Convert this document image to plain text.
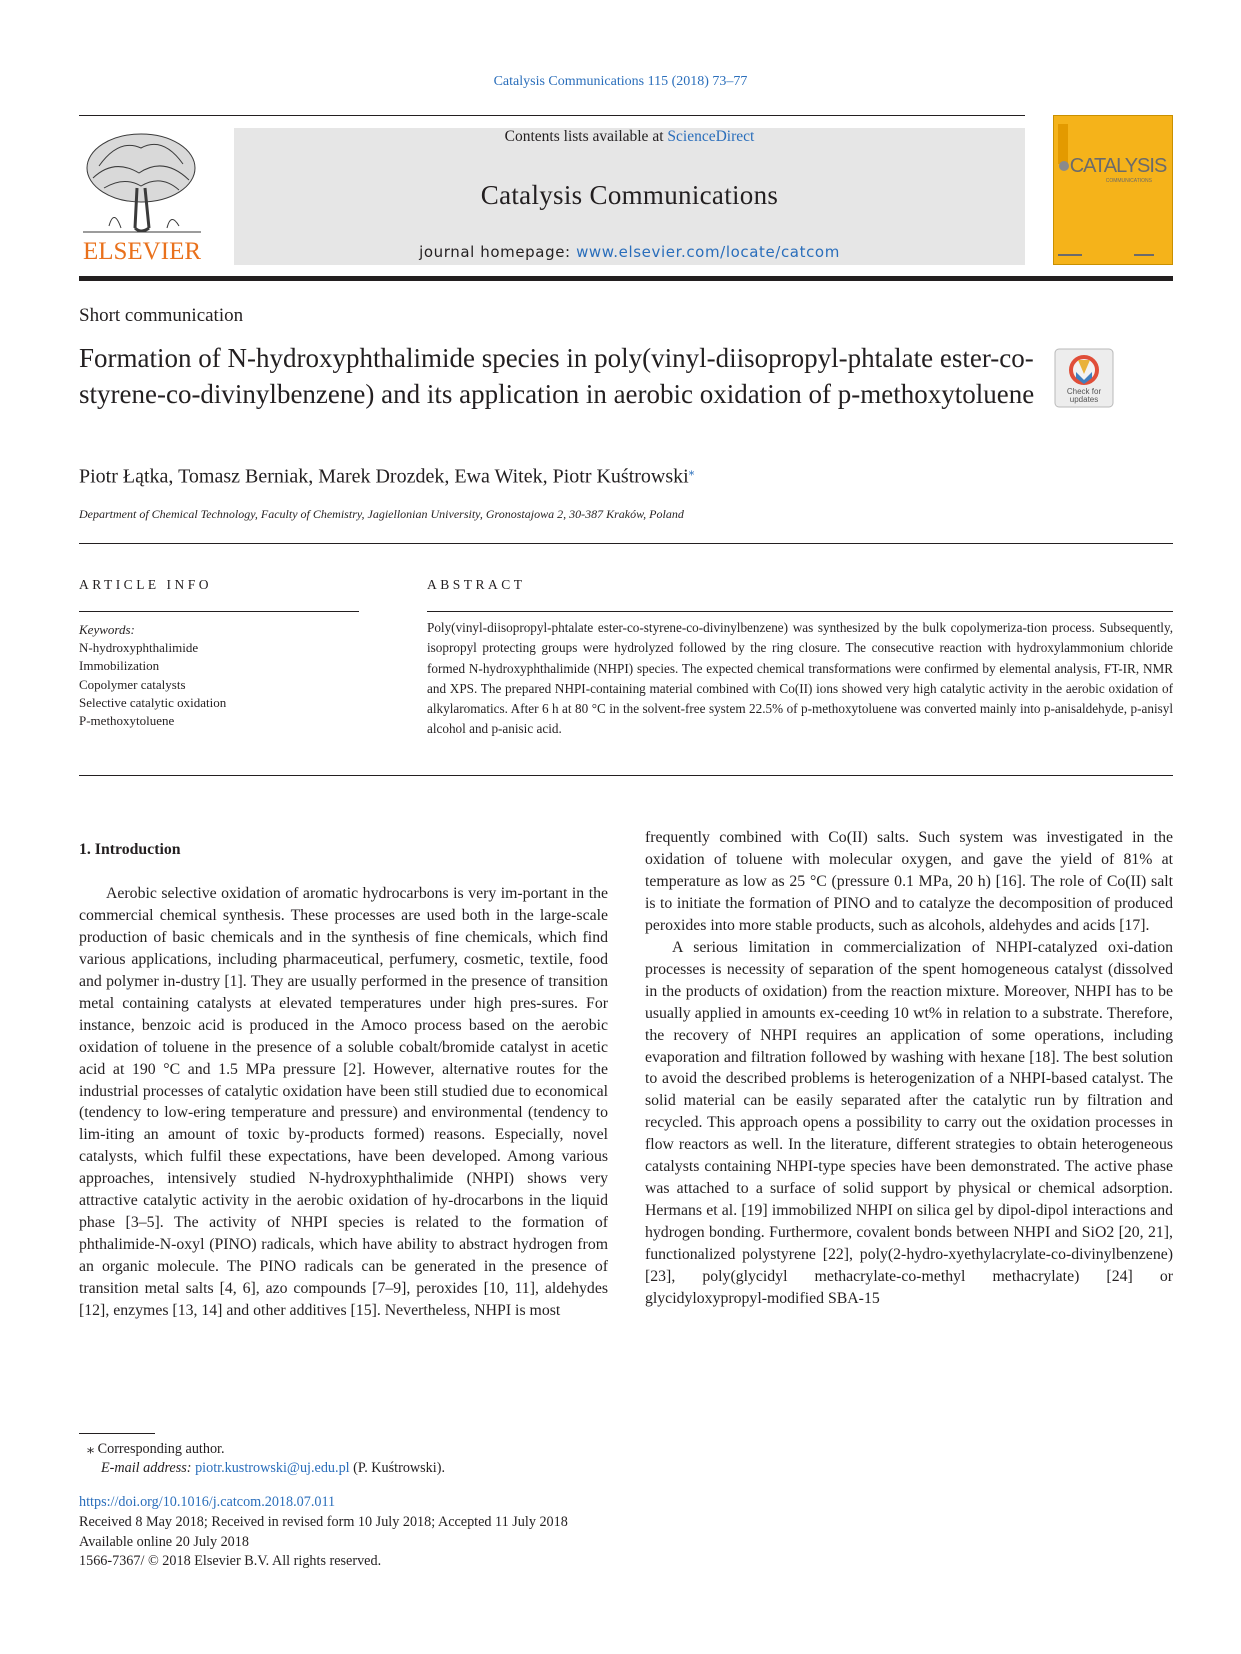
Catalysis Communications 115 (2018) 73–77
ELSEVIER
Contents lists available at ScienceDirect
Catalysis Communications
journal homepage: www.elsevier.com/locate/catcom
CATALYSIS
COMMUNICATIONS
Short communication
Formation of N-hydroxyphthalimide species in poly(vinyl-diisopropyl-phtalate ester-co-styrene-co-divinylbenzene) and its application in aerobic oxidation of p-methoxytoluene	Check for updates
Piotr Łątka, Tomasz Berniak, Marek Drozdek, Ewa Witek, Piotr Kuśtrowski⁎
Department of Chemical Technology, Faculty of Chemistry, Jagiellonian University, Gronostajowa 2, 30-387 Kraków, Poland
ARTICLE INFO	ABSTRACT
Keywords:
N-hydroxyphthalimide
Immobilization
Copolymer catalysts
Selective catalytic oxidation
P-methoxytoluene
Poly(vinyl-diisopropyl-phtalate ester-co-styrene-co-divinylbenzene) was synthesized by the bulk copolymeriza-tion process. Subsequently, isopropyl protecting groups were hydrolyzed followed by the ring closure. The consecutive reaction with hydroxylammonium chloride formed N-hydroxyphthalimide (NHPI) species. The expected chemical transformations were confirmed by elemental analysis, FT-IR, NMR and XPS. The prepared NHPI-containing material combined with Co(II) ions showed very high catalytic activity in the aerobic oxidation of alkylaromatics. After 6 h at 80 °C in the solvent-free system 22.5% of p-methoxytoluene was converted mainly into p-anisaldehyde, p-anisyl alcohol and p-anisic acid.

1. Introduction

Aerobic selective oxidation of aromatic hydrocarbons is very im-portant in the commercial chemical synthesis. These processes are used both in the large-scale production of basic chemicals and in the synthesis of fine chemicals, which find various applications, including pharmaceutical, perfumery, cosmetic, textile, food and polymer in-dustry [1]. They are usually performed in the presence of transition metal containing catalysts at elevated temperatures under high pres-sures. For instance, benzoic acid is produced in the Amoco process based on the aerobic oxidation of toluene in the presence of a soluble cobalt/bromide catalyst in acetic acid at 190 °C and 1.5 MPa pressure [2]. However, alternative routes for the industrial processes of catalytic oxidation have been still studied due to economical (tendency to low-ering temperature and pressure) and environmental (tendency to lim-iting an amount of toxic by-products formed) reasons. Especially, novel catalysts, which fulfil these expectations, have been developed. Among various approaches, intensively studied N-hydroxyphthalimide (NHPI) shows very attractive catalytic activity in the aerobic oxidation of hy-drocarbons in the liquid phase [3–5]. The activity of NHPI species is related to the formation of phthalimide-N-oxyl (PINO) radicals, which have ability to abstract hydrogen from an organic molecule. The PINO radicals can be generated in the presence of transition metal salts [4, 6], azo compounds [7–9], peroxides [10, 11], aldehydes [12], enzymes [13, 14] and other additives [15]. Nevertheless, NHPI is most

frequently combined with Co(II) salts. Such system was investigated in the oxidation of toluene with molecular oxygen, and gave the yield of 81% at temperature as low as 25 °C (pressure 0.1 MPa, 20 h) [16]. The role of Co(II) salt is to initiate the formation of PINO and to catalyze the decomposition of produced peroxides into more stable products, such as alcohols, aldehydes and acids [17].

A serious limitation in commercialization of NHPI-catalyzed oxi-dation processes is necessity of separation of the spent homogeneous catalyst (dissolved in the products of oxidation) from the reaction mixture. Moreover, NHPI has to be usually applied in amounts ex-ceeding 10 wt% in relation to a substrate. Therefore, the recovery of NHPI requires an application of some operations, including evaporation and filtration followed by washing with hexane [18]. The best solution to avoid the described problems is heterogenization of a NHPI-based catalyst. The solid material can be easily separated after the catalytic run by filtration and recycled. This approach opens a possibility to carry out the oxidation processes in flow reactors as well. In the literature, different strategies to obtain heterogeneous catalysts containing NHPI-type species have been demonstrated. The active phase was attached to a surface of solid support by physical or chemical adsorption. Hermans et al. [19] immobilized NHPI on silica gel by dipol-dipol interactions and hydrogen bonding. Furthermore, covalent bonds between NHPI and SiO2 [20, 21], functionalized polystyrene [22], poly(2-hydro-xyethylacrylate-co-divinylbenzene) [23], poly(glycidyl methacrylate-co-methyl methacrylate) [24] or glycidyloxypropyl-modified SBA-15

⁎ Corresponding author.
E-mail address: piotr.kustrowski@uj.edu.pl (P. Kuśtrowski).
https://doi.org/10.1016/j.catcom.2018.07.011
Received 8 May 2018; Received in revised form 10 July 2018; Accepted 11 July 2018
Available online 20 July 2018
1566-7367/ © 2018 Elsevier B.V. All rights reserved.
